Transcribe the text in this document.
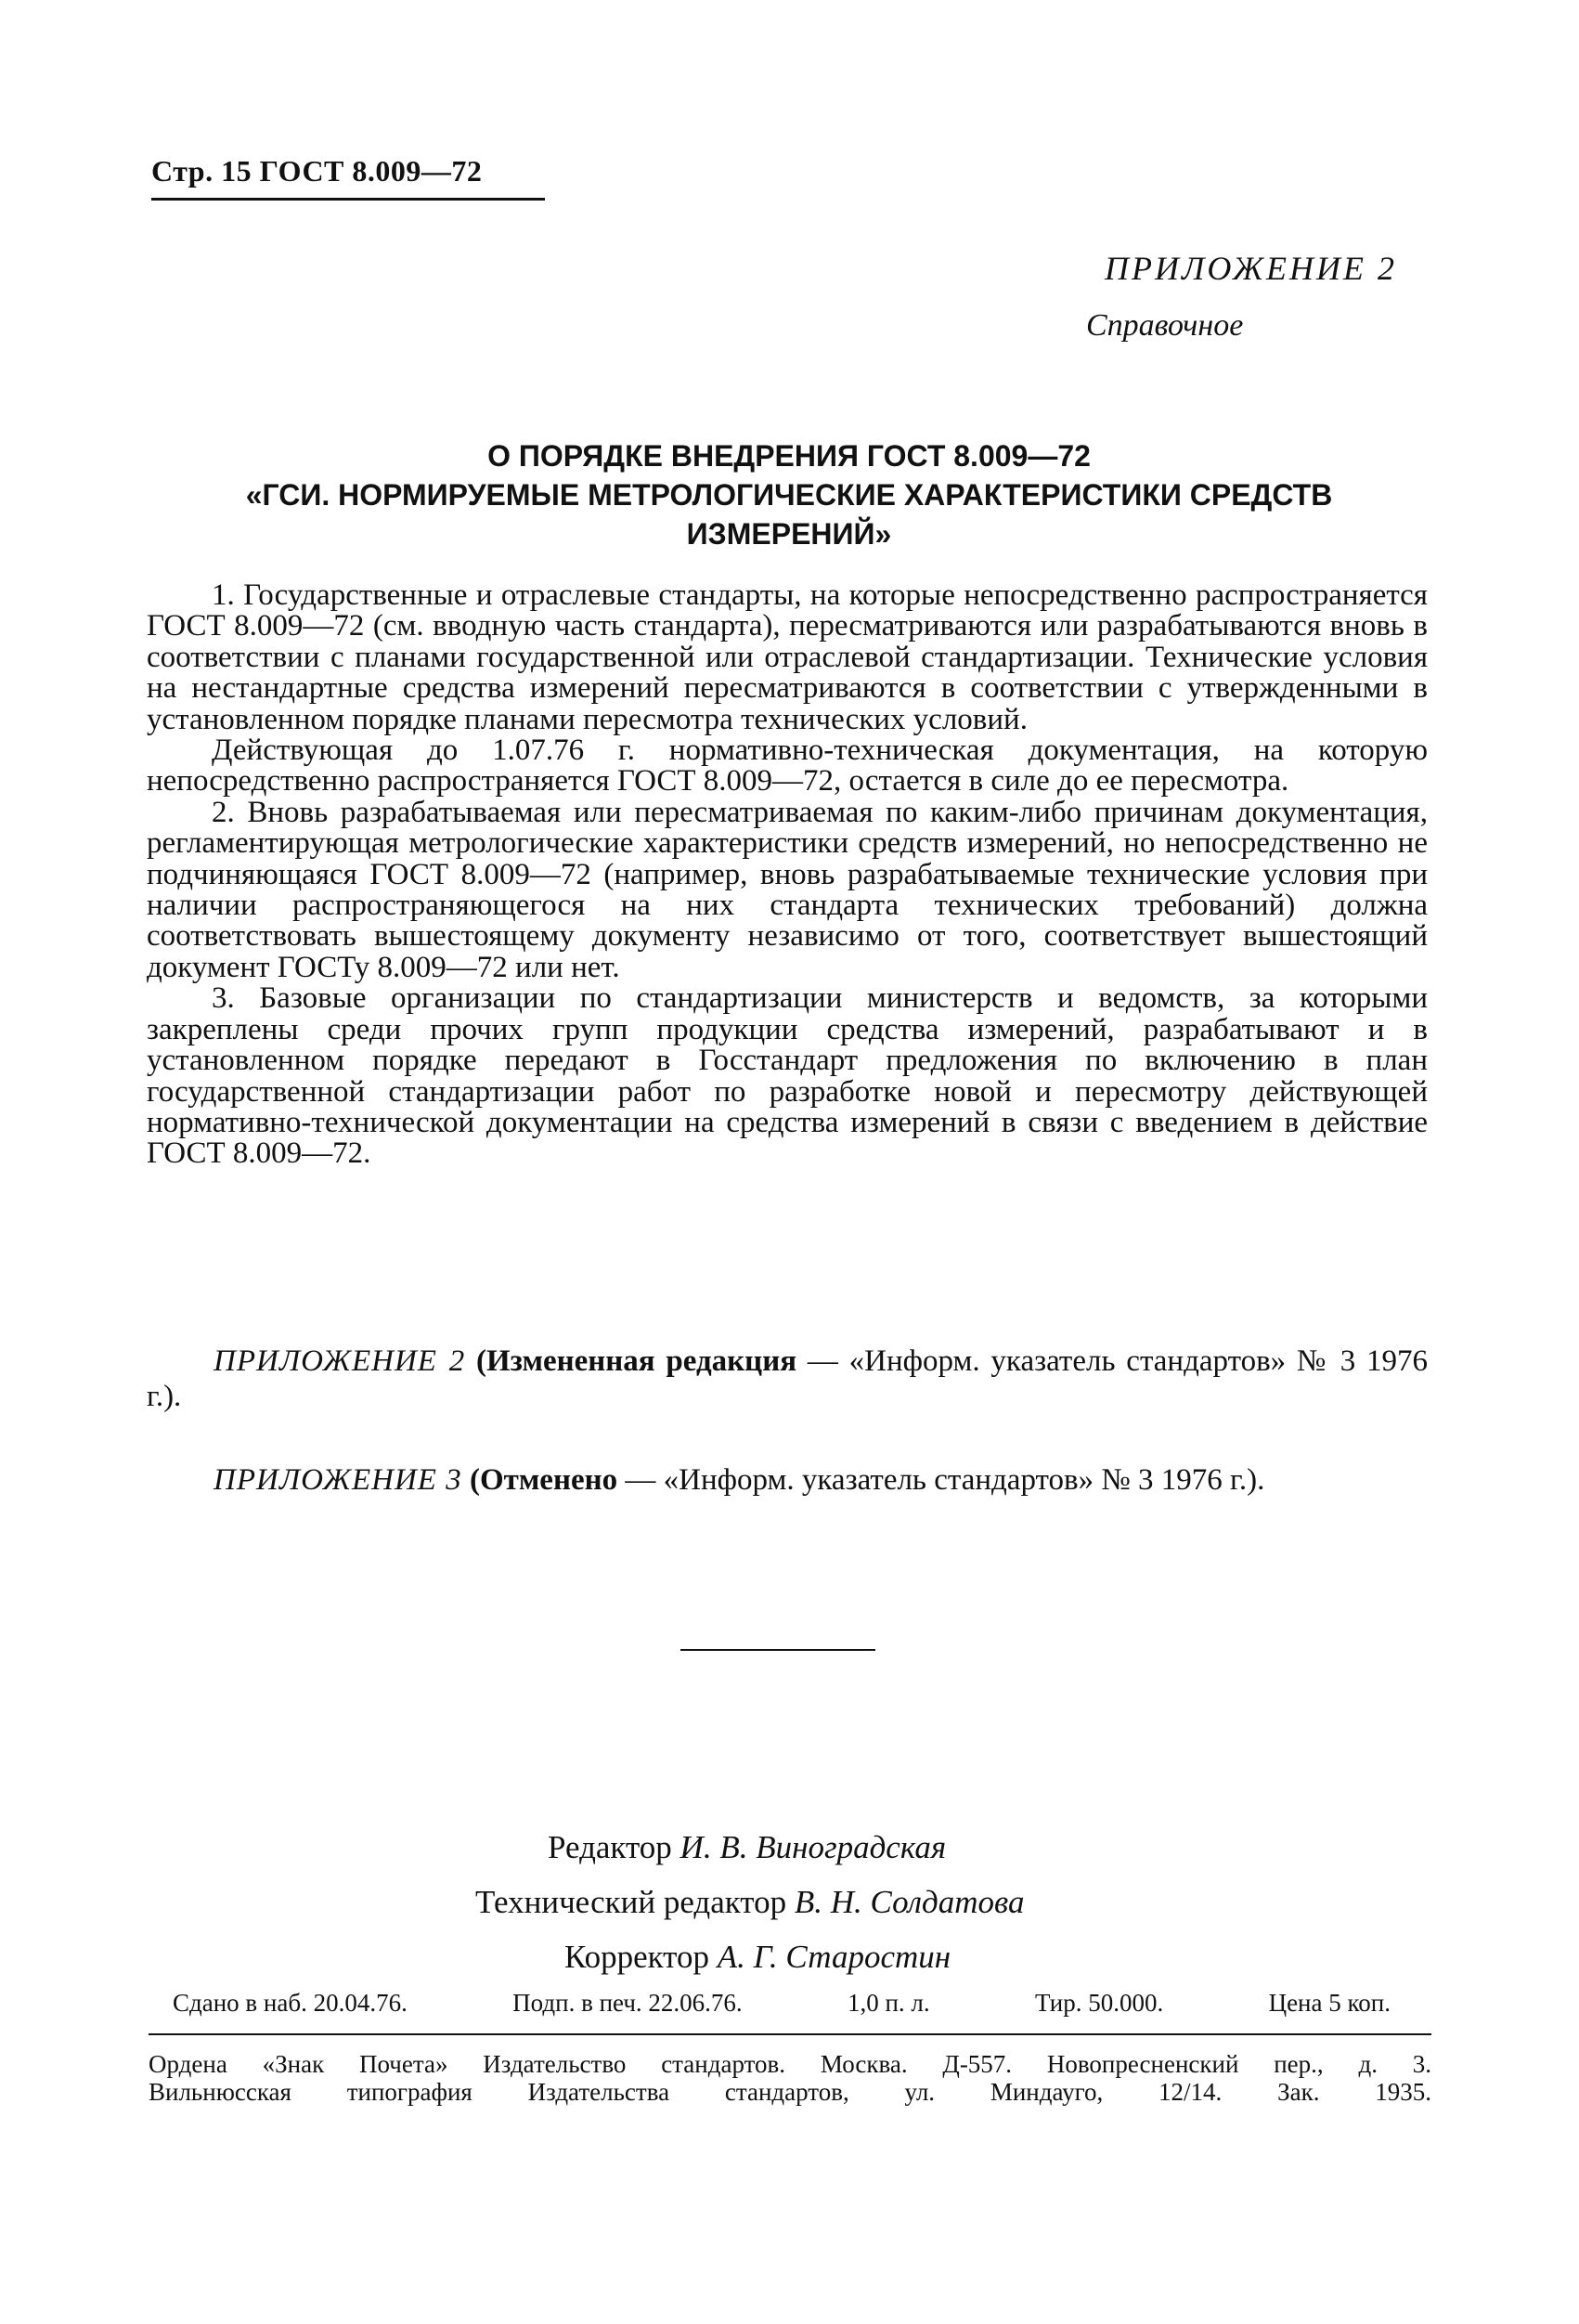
Стр. 15 ГОСТ 8.009—72
ПРИЛОЖЕНИЕ 2
Справочное
О ПОРЯДКЕ ВНЕДРЕНИЯ ГОСТ 8.009—72
«ГСИ. НОРМИРУЕМЫЕ МЕТРОЛОГИЧЕСКИЕ ХАРАКТЕРИСТИКИ СРЕДСТВ
ИЗМЕРЕНИЙ»

1. Государственные и отраслевые стандарты, на которые непосредственно распространяется ГОСТ 8.009—72 (см. вводную часть стандарта), пересматриваются или разрабатываются вновь в соответствии с планами государственной или отраслевой стандартизации. Технические условия на нестандартные средства измерений пересматриваются в соответствии с утвержденными в установленном порядке планами пересмотра технических условий.

Действующая до 1.07.76 г. нормативно-техническая документация, на которую непосредственно распространяется ГОСТ 8.009—72, остается в силе до ее пересмотра.

2. Вновь разрабатываемая или пересматриваемая по каким-либо причинам документация, регламентирующая метрологические характеристики средств измерений, но непосредственно не подчиняющаяся ГОСТ 8.009—72 (например, вновь разрабатываемые технические условия при наличии распространяющегося на них стандарта технических требований) должна соответствовать вышестоящему документу независимо от того, соответствует вышестоящий документ ГОСТу 8.009—72 или нет.

3. Базовые организации по стандартизации министерств и ведомств, за которыми закреплены среди прочих групп продукции средства измерений, разрабатывают и в установленном порядке передают в Госстандарт предложения по включению в план государственной стандартизации работ по разработке новой и пересмотру действующей нормативно-технической документации на средства измерений в связи с введением в действие ГОСТ 8.009—72.

ПРИЛОЖЕНИЕ 2 (Измененная редакция — «Информ. указатель стандартов» № 3 1976 г.).
ПРИЛОЖЕНИЕ 3 (Отменено — «Информ. указатель стандартов» № 3 1976 г.).
Редактор И. В. Виноградская
Технический редактор В. Н. Солдатова
Корректор А. Г. Старостин
Сдано в наб. 20.04.76.	Подп. в печ. 22.06.76.	1,0 п. л.	Тир. 50.000.	Цена 5 коп.
Ордена «Знак Почета» Издательство стандартов. Москва. Д-557. Новопресненский пер., д. 3.
Вильнюсская типография Издательства стандартов, ул. Миндауго, 12/14. Зак. 1935.
